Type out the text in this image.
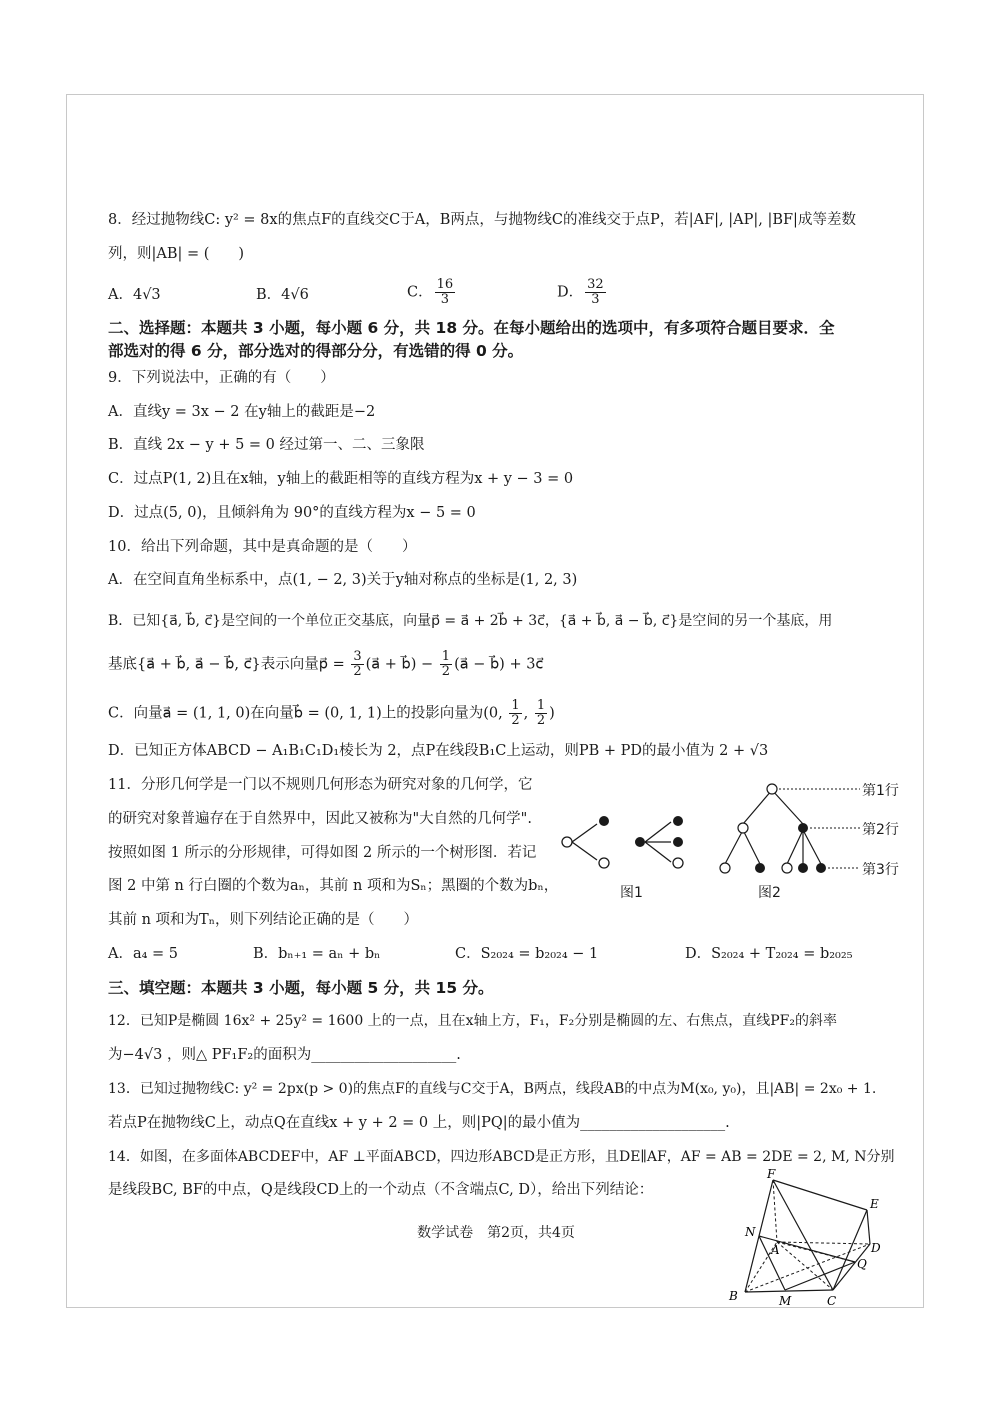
8．经过抛物线C: y² = 8x的焦点F的直线交C于A，B两点，与抛物线C的准线交于点P，若|AF|, |AP|, |BF|成等差数
列，则|AB| = (　　)
A．4√3	B．4√6	C． $\frac{16}{3}$	D． $\frac{32}{3}$
二、选择题：本题共 3 小题，每小题 6 分，共 18 分。在每小题给出的选项中，有多项符合题目要求．全
部选对的得 6 分，部分选对的得部分分，有选错的得 0 分。
9．下列说法中，正确的有（　　）
A．直线y = 3x − 2 在y轴上的截距是−2
B．直线 2x − y + 5 = 0 经过第一、二、三象限
C．过点P(1, 2)且在x轴，y轴上的截距相等的直线方程为x + y − 3 = 0
D．过点(5, 0)，且倾斜角为 90°的直线方程为x − 5 = 0
10．给出下列命题，其中是真命题的是（　　）
A．在空间直角坐标系中，点(1, − 2, 3)关于y轴对称点的坐标是(1, 2, 3)
B．已知{a⃗, b⃗, c⃗}是空间的一个单位正交基底，向量p⃗ = a⃗ + 2b⃗ + 3c⃗，{a⃗ + b⃗, a⃗ − b⃗, c⃗}是空间的另一个基底，用
基底{a⃗ + b⃗, a⃗ − b⃗, c⃗}表示向量p⃗ = $\frac{3}{2}$ (a⃗ + b⃗) − $\frac{1}{2}$ (a⃗ − b⃗) + 3c⃗
C．向量a⃗ = (1, 1, 0)在向量b⃗ = (0, 1, 1)上的投影向量为(0, $\frac{1}{2}$ , $\frac{1}{2}$ )
D．已知正方体ABCD − A₁B₁C₁D₁棱长为 2，点P在线段B₁C上运动，则PB + PD的最小值为 2 + √3
11．分形几何学是一门以不规则几何形态为研究对象的几何学，它
的研究对象普遍存在于自然界中，因此又被称为"大自然的几何学".
按照如图 1 所示的分形规律，可得如图 2 所示的一个树形图．若记
图 2 中第 n 行白圈的个数为aₙ，其前 n 项和为Sₙ；黑圈的个数为bₙ，
其前 n 项和为Tₙ，则下列结论正确的是（　　）
图1
第1行
第2行
第3行
图2
A．a₄ = 5	B．bₙ₊₁ = aₙ + bₙ	C．S₂₀₂₄ = b₂₀₂₄ − 1	D．S₂₀₂₄ + T₂₀₂₄ = b₂₀₂₅
三、填空题：本题共 3 小题，每小题 5 分，共 15 分。
12．已知P是椭圆 16x² + 25y² = 1600 上的一点，且在x轴上方，F₁，F₂分别是椭圆的左、右焦点，直线PF₂的斜率
为−4√3 ，则△ PF₁F₂的面积为____________________.
13．已知过抛物线C: y² = 2px(p > 0)的焦点F的直线与C交于A，B两点，线段AB的中点为M(x₀, y₀)，且|AB| = 2x₀ + 1.
若点P在抛物线C上，动点Q在直线x + y + 2 = 0 上，则|PQ|的最小值为____________________.
14．如图，在多面体ABCDEF中，AF ⊥平面ABCD，四边形ABCD是正方形，且DE∥AF，AF = AB = 2DE = 2, M, N分别
是线段BC, BF的中点，Q是线段CD上的一个动点（不含端点C, D），给出下列结论：
F
E
N
A	D
Q
B	M	C
数学试卷　第2页，共4页
